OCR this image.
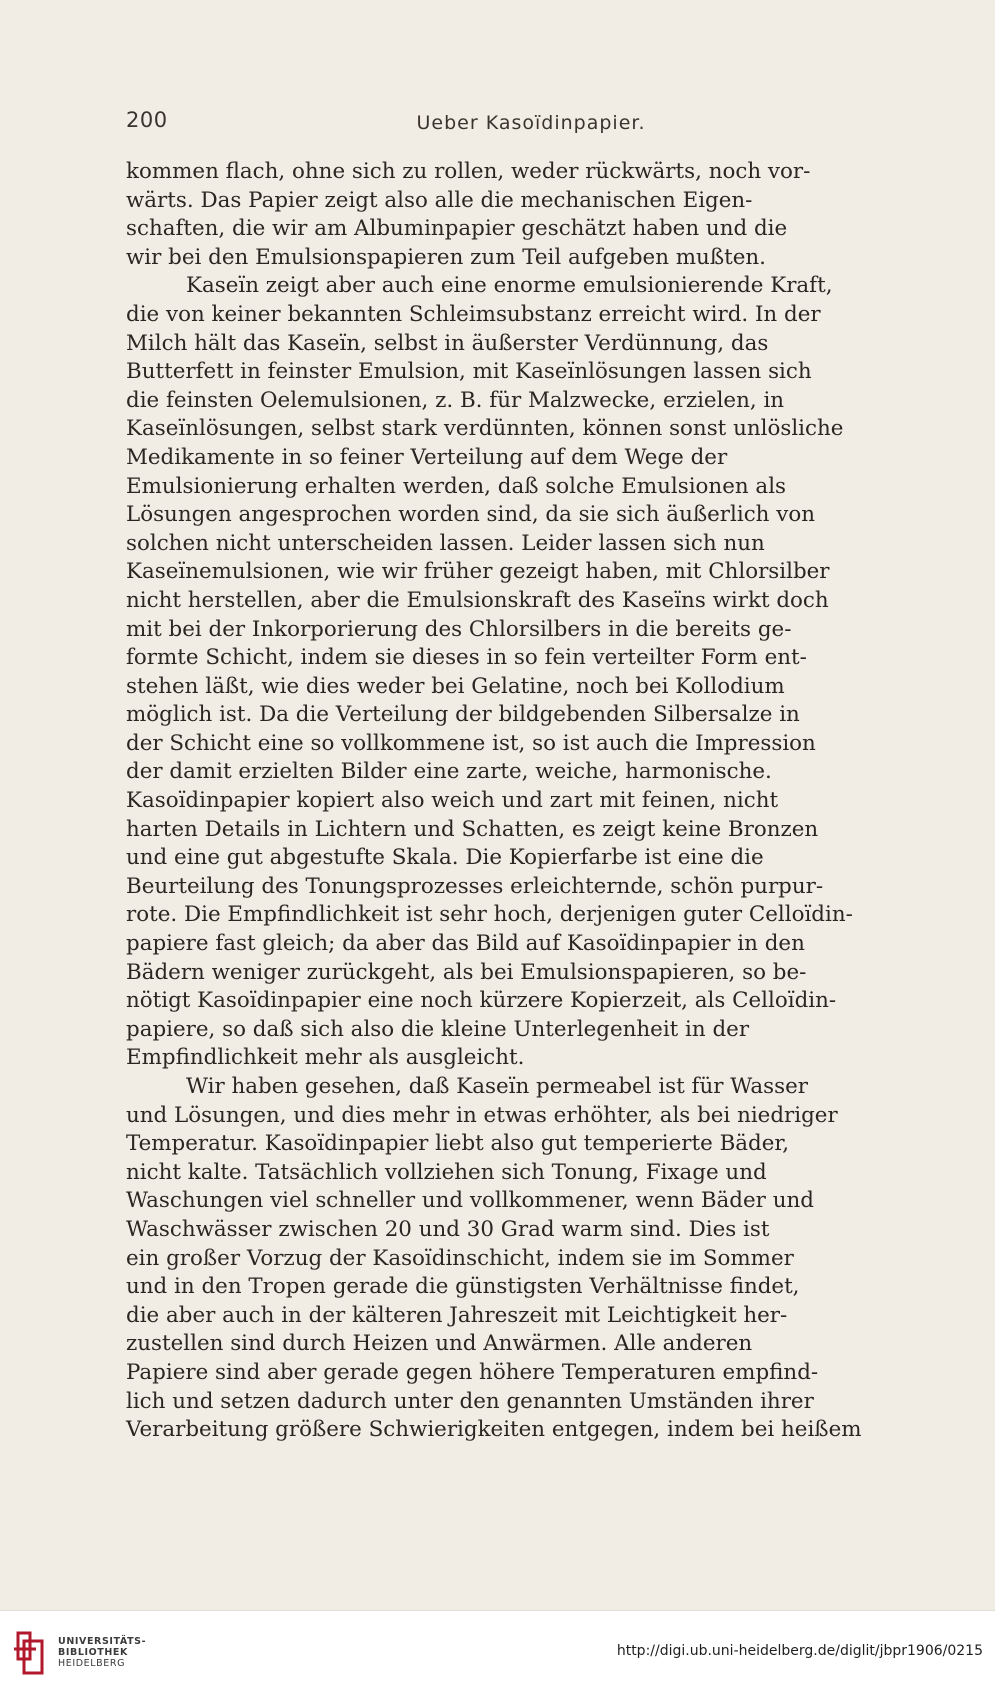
200	Ueber Kasoïdinpapier.

kommen flach, ohne sich zu rollen, weder rückwärts, noch vor-
wärts. Das Papier zeigt also alle die mechanischen Eigen-
schaften, die wir am Albuminpapier geschätzt haben und die
wir bei den Emulsionspapieren zum Teil aufgeben mußten.

Kaseïn zeigt aber auch eine enorme emulsionierende Kraft,
die von keiner bekannten Schleimsubstanz erreicht wird. In der
Milch hält das Kaseïn, selbst in äußerster Verdünnung, das
Butterfett in feinster Emulsion, mit Kaseïnlösungen lassen sich
die feinsten Oelemulsionen, z. B. für Malzwecke, erzielen, in
Kaseïnlösungen, selbst stark verdünnten, können sonst unlösliche
Medikamente in so feiner Verteilung auf dem Wege der
Emulsionierung erhalten werden, daß solche Emulsionen als
Lösungen angesprochen worden sind, da sie sich äußerlich von
solchen nicht unterscheiden lassen. Leider lassen sich nun
Kaseïnemulsionen, wie wir früher gezeigt haben, mit Chlorsilber
nicht herstellen, aber die Emulsionskraft des Kaseïns wirkt doch
mit bei der Inkorporierung des Chlorsilbers in die bereits ge-
formte Schicht, indem sie dieses in so fein verteilter Form ent-
stehen läßt, wie dies weder bei Gelatine, noch bei Kollodium
möglich ist. Da die Verteilung der bildgebenden Silbersalze in
der Schicht eine so vollkommene ist, so ist auch die Impression
der damit erzielten Bilder eine zarte, weiche, harmonische.
Kasoïdinpapier kopiert also weich und zart mit feinen, nicht
harten Details in Lichtern und Schatten, es zeigt keine Bronzen
und eine gut abgestufte Skala. Die Kopierfarbe ist eine die
Beurteilung des Tonungsprozesses erleichternde, schön purpur-
rote. Die Empfindlichkeit ist sehr hoch, derjenigen guter Celloïdin-
papiere fast gleich; da aber das Bild auf Kasoïdinpapier in den
Bädern weniger zurückgeht, als bei Emulsionspapieren, so be-
nötigt Kasoïdinpapier eine noch kürzere Kopierzeit, als Celloïdin-
papiere, so daß sich also die kleine Unterlegenheit in der
Empfindlichkeit mehr als ausgleicht.

Wir haben gesehen, daß Kaseïn permeabel ist für Wasser
und Lösungen, und dies mehr in etwas erhöhter, als bei niedriger
Temperatur. Kasoïdinpapier liebt also gut temperierte Bäder,
nicht kalte. Tatsächlich vollziehen sich Tonung, Fixage und
Waschungen viel schneller und vollkommener, wenn Bäder und
Waschwässer zwischen 20 und 30 Grad warm sind. Dies ist
ein großer Vorzug der Kasoïdinschicht, indem sie im Sommer
und in den Tropen gerade die günstigsten Verhältnisse findet,
die aber auch in der kälteren Jahreszeit mit Leichtigkeit her-
zustellen sind durch Heizen und Anwärmen. Alle anderen
Papiere sind aber gerade gegen höhere Temperaturen empfind-
lich und setzen dadurch unter den genannten Umständen ihrer
Verarbeitung größere Schwierigkeiten entgegen, indem bei heißem

UNIVERSITÄTS-
BIBLIOTHEK
HEIDELBERG
http://digi.ub.uni-heidelberg.de/diglit/jbpr1906/0215
